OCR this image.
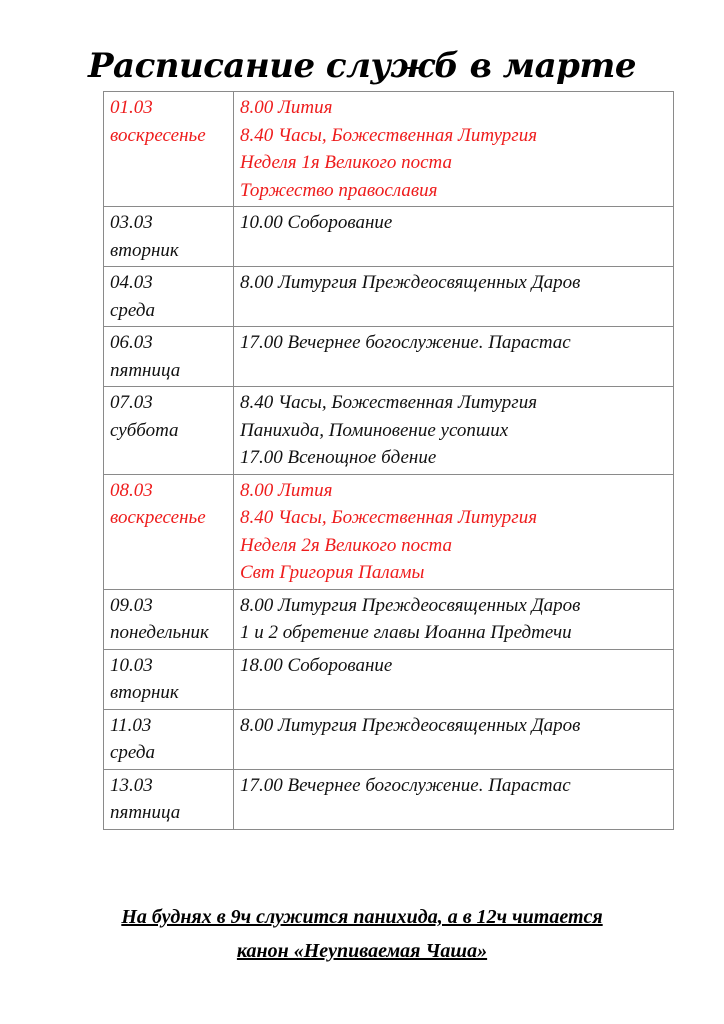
Расписание служб в марте
01.03
воскресенье	8.00 Лития
8.40 Часы, Божественная Литургия
Неделя 1я Великого поста
Торжество православия

03.03
вторник	10.00 Соборование

04.03
среда	8.00 Литургия Преждеосвященных Даров

06.03
пятница	17.00 Вечернее богослужение. Парастас

07.03
суббота	8.40 Часы, Божественная Литургия
Панихида, Поминовение усопших
17.00 Всенощное бдение

08.03
воскресенье	8.00 Лития
8.40 Часы, Божественная Литургия
Неделя 2я Великого поста
Свт Григория Паламы

09.03
понедельник	8.00 Литургия Преждеосвященных Даров
1 и 2 обретение главы Иоанна Предтечи

10.03
вторник	18.00 Соборование

11.03
среда	8.00 Литургия Преждеосвященных Даров

13.03
пятница	17.00 Вечернее богослужение. Парастас
На буднях в 9ч служится панихида, а в 12ч читается
канон «Неупиваемая Чаша»
